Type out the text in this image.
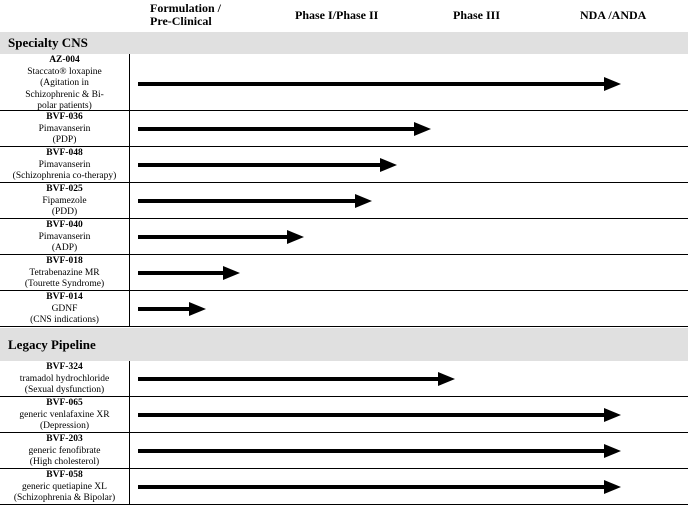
Formulation /
Pre-Clinical	Phase I/Phase II	Phase III	NDA /ANDA
Specialty CNS
AZ-004
Staccato® loxapine
(Agitation in
Schizophrenic & Bi-
polar patients)
BVF-036
Pimavanserin
(PDP)
BVF-048
Pimavanserin
(Schizophrenia co-therapy)
BVF-025
Fipamezole
(PDD)
BVF-040
Pimavanserin
(ADP)
BVF-018
Tetrabenazine MR
(Tourette Syndrome)
BVF-014
GDNF
(CNS indications)
Legacy Pipeline
BVF-324
tramadol hydrochloride
(Sexual dysfunction)
BVF-065
generic venlafaxine XR
(Depression)
BVF-203
generic fenofibrate
(High cholesterol)
BVF-058
generic quetiapine XL
(Schizophrenia & Bipolar)
